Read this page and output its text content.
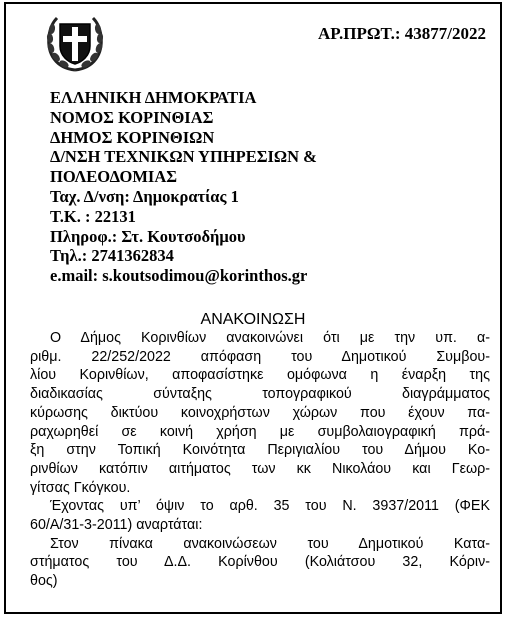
ΑΡ.ΠΡΩΤ.: 43877/2022
ΕΛΛΗΝΙΚΗ ΔΗΜΟΚΡΑΤΙΑ
ΝΟΜΟΣ ΚΟΡΙΝΘΙΑΣ
ΔΗΜΟΣ ΚΟΡΙΝΘΙΩΝ
Δ/ΝΣΗ ΤΕΧΝΙΚΩΝ ΥΠΗΡΕΣΙΩΝ &
ΠΟΛΕΟΔΟΜΙΑΣ
Ταχ. Δ/νση: Δημοκρατίας 1
Τ.Κ. : 22131
Πληροφ.: Στ. Κουτσοδήμου
Τηλ.: 2741362834
e.mail: s.koutsodimou@korinthos.gr
ΑΝΑΚΟΙΝΩΣΗ
Ο Δήμος Κορινθίων ανακοινώνει ότι με την υπ. α-
ριθμ. 22/252/2022 απόφαση του Δημοτικού Συμβου-
λίου Κορινθίων, αποφασίστηκε ομόφωνα η έναρξη της
διαδικασίας σύνταξης τοπογραφικού διαγράμματος
κύρωσης δικτύου κοινοχρήστων χώρων που έχουν πα-
ραχωρηθεί σε κοινή χρήση με συμβολαιογραφική πρά-
ξη στην Τοπική Κοινότητα Περιγιαλίου του Δήμου Κο-
ρινθίων κατόπιν αιτήματος των κκ Νικολάου και Γεωρ-
γίτσας Γκόγκου.
Έχοντας υπ’ όψιν το αρθ. 35 του Ν. 3937/2011 (ΦΕΚ
60/Α/31-3-2011) αναρτάται:
Στον πίνακα ανακοινώσεων του Δημοτικού Κατα-
στήματος του Δ.Δ. Κορίνθου (Κολιάτσου 32, Κόριν-
θος)
